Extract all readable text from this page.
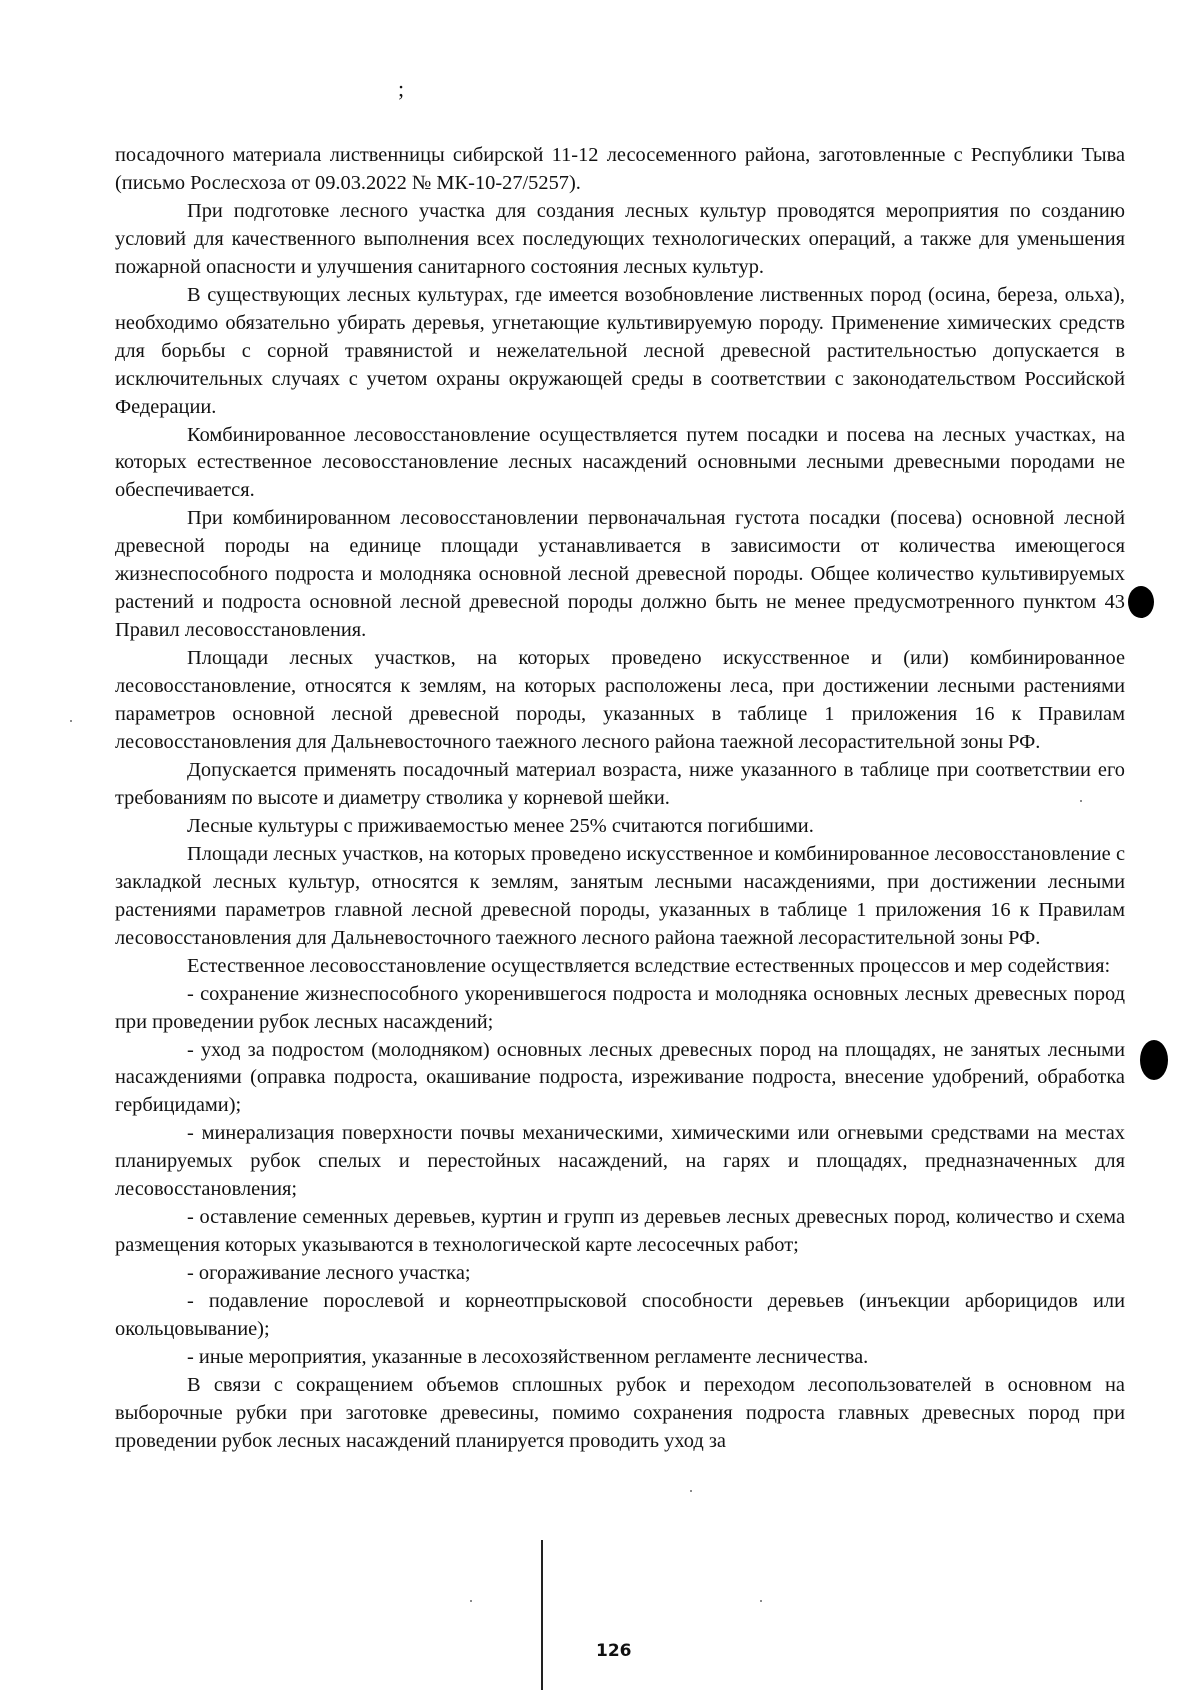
;

посадочного материала лиственницы сибирской 11-12 лесосеменного района, заготовленные с Республики Тыва (письмо Рослесхоза от 09.03.2022 № МК-10-27/5257).

При подготовке лесного участка для создания лесных культур проводятся мероприятия по созданию условий для качественного выполнения всех последующих технологических операций, а также для уменьшения пожарной опасности и улучшения санитарного состояния лесных культур.

В существующих лесных культурах, где имеется возобновление лиственных пород (осина, береза, ольха), необходимо обязательно убирать деревья, угнетающие культивируемую породу. Применение химических средств для борьбы с сорной травянистой и нежелательной лесной древесной растительностью допускается в исключительных случаях с учетом охраны окружающей среды в соответствии с законодательством Российской Федерации.

Комбинированное лесовосстановление осуществляется путем посадки и посева на лесных участках, на которых естественное лесовосстановление лесных насаждений основными лесными древесными породами не обеспечивается.

При комбинированном лесовосстановлении первоначальная густота посадки (посева) основной лесной древесной породы на единице площади устанавливается в зависимости от количества имеющегося жизнеспособного подроста и молодняка основной лесной древесной породы. Общее количество культивируемых растений и подроста основной лесной древесной породы должно быть не менее предусмотренного пунктом 43 Правил лесовосстановления.

Площади лесных участков, на которых проведено искусственное и (или) комбинированное лесовосстановление, относятся к землям, на которых расположены леса, при достижении лесными растениями параметров основной лесной древесной породы, указанных в таблице 1 приложения 16 к Правилам лесовосстановления для Дальневосточного таежного лесного района таежной лесорастительной зоны РФ.

Допускается применять посадочный материал возраста, ниже указанного в таблице при соответствии его требованиям по высоте и диаметру стволика у корневой шейки.

Лесные культуры с приживаемостью менее 25% считаются погибшими.

Площади лесных участков, на которых проведено искусственное и комбинированное лесовосстановление с закладкой лесных культур, относятся к землям, занятым лесными насаждениями, при достижении лесными растениями параметров главной лесной древесной породы, указанных в таблице 1 приложения 16 к Правилам лесовосстановления для Дальневосточного таежного лесного района таежной лесорастительной зоны РФ.

Естественное лесовосстановление осуществляется вследствие естественных процессов и мер содействия:

- сохранение жизнеспособного укоренившегося подроста и молодняка основных лесных древесных пород при проведении рубок лесных насаждений;

- уход за подростом (молодняком) основных лесных древесных пород на площадях, не занятых лесными насаждениями (оправка подроста, окашивание подроста, изреживание подроста, внесение удобрений, обработка гербицидами);

- минерализация поверхности почвы механическими, химическими или огневыми средствами на местах планируемых рубок спелых и перестойных насаждений, на гарях и площадях, предназначенных для лесовосстановления;

- оставление семенных деревьев, куртин и групп из деревьев лесных древесных пород, количество и схема размещения которых указываются в технологической карте лесосечных работ;

- огораживание лесного участка;

- подавление порослевой и корнеотпрысковой способности деревьев (инъекции арборицидов или окольцовывание);

- иные мероприятия, указанные в лесохозяйственном регламенте лесничества.

В связи с сокращением объемов сплошных рубок и переходом лесопользователей в основном на выборочные рубки при заготовке древесины, помимо сохранения подроста главных древесных пород при проведении рубок лесных насаждений планируется проводить уход за

126
